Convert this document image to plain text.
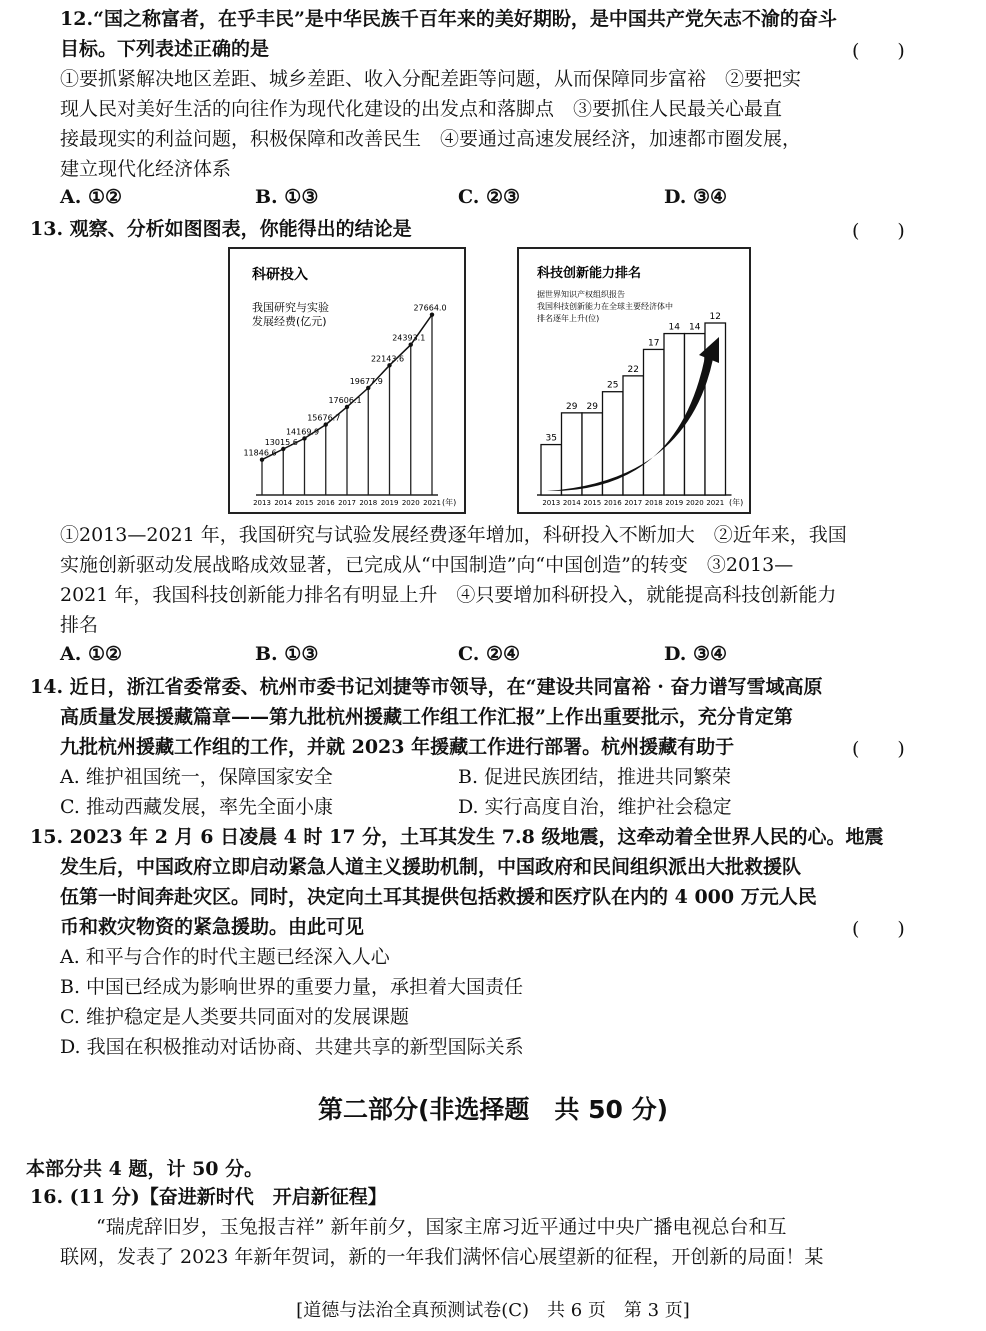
12.“国之称富者，在乎丰民”是中华民族千百年来的美好期盼，是中国共产党矢志不渝的奋斗
目标。下列表述正确的是	(　　)
①要抓紧解决地区差距、城乡差距、收入分配差距等问题，从而保障同步富裕　②要把实
现人民对美好生活的向往作为现代化建设的出发点和落脚点　③要抓住人民最关心最直
接最现实的利益问题，积极保障和改善民生　④要通过高速发展经济，加速都市圈发展，
建立现代化经济体系
A. ①②	B. ①③	C. ②③	D. ③④
13. 观察、分析如图图表，你能得出的结论是	(　　)
科研投入
我国研究与实验
发展经费(亿元)
(年)
11846.6
2013
13015.6
2014
14169.9
2015
15676.7
2016
17606.1
2017
19677.9
2018
22143.6
2019
24393.1
2020
27664.0
2021
科技创新能力排名
据世界知识产权组织报告
我国科技创新能力在全球主要经济体中
排名逐年上升(位)
(年)
35
2013
29
2014
29
2015
25
2016
22
2017
17
2018
14
2019
14
2020
12
2021
①2013—2021 年，我国研究与试验发展经费逐年增加，科研投入不断加大　②近年来，我国
实施创新驱动发展战略成效显著，已完成从“中国制造”向“中国创造”的转变　③2013—
2021 年，我国科技创新能力排名有明显上升　④只要增加科研投入，就能提高科技创新能力
排名
A. ①②	B. ①③	C. ②④	D. ③④
14. 近日，浙江省委常委、杭州市委书记刘捷等市领导，在“建设共同富裕 · 奋力谱写雪域高原
高质量发展援藏篇章——第九批杭州援藏工作组工作汇报”上作出重要批示，充分肯定第
九批杭州援藏工作组的工作，并就 2023 年援藏工作进行部署。杭州援藏有助于	(　　)
A. 维护祖国统一，保障国家安全	B. 促进民族团结，推进共同繁荣
C. 推动西藏发展，率先全面小康	D. 实行高度自治，维护社会稳定
15. 2023 年 2 月 6 日凌晨 4 时 17 分，土耳其发生 7.8 级地震，这牵动着全世界人民的心。地震
发生后，中国政府立即启动紧急人道主义援助机制，中国政府和民间组织派出大批救援队
伍第一时间奔赴灾区。同时，决定向土耳其提供包括救援和医疗队在内的 4 000 万元人民
币和救灾物资的紧急援助。由此可见	(　　)
A. 和平与合作的时代主题已经深入人心
B. 中国已经成为影响世界的重要力量，承担着大国责任
C. 维护稳定是人类要共同面对的发展课题
D. 我国在积极推动对话协商、共建共享的新型国际关系
第二部分(非选择题　共 50 分)
本部分共 4 题，计 50 分。
16. (11 分)【奋进新时代　开启新征程】
“瑞虎辞旧岁，玉兔报吉祥” 新年前夕，国家主席习近平通过中央广播电视总台和互
联网，发表了 2023 年新年贺词，新的一年我们满怀信心展望新的征程，开创新的局面！某
[道德与法治全真预测试卷(C)　共 6 页　第 3 页]
